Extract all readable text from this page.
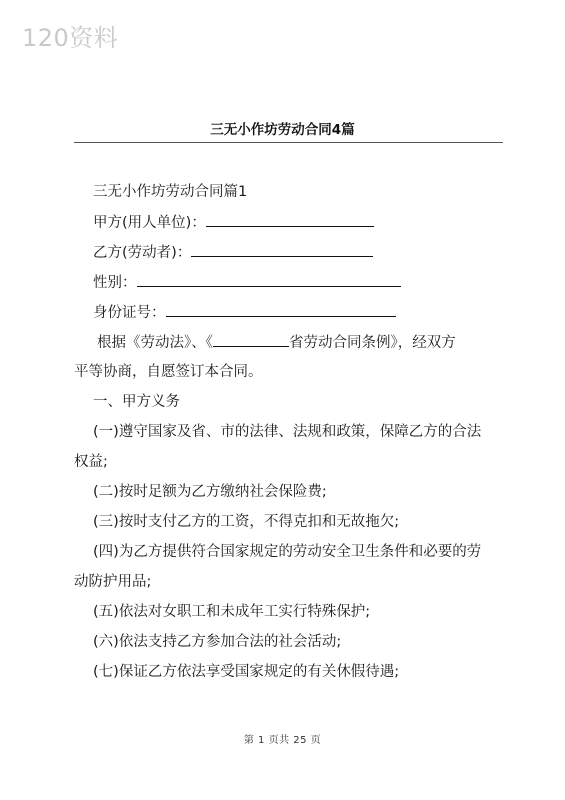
120资料
三无小作坊劳动合同4篇
三无小作坊劳动合同篇1
甲方(用人单位)：
乙方(劳动者)：
性别：
身份证号：
根据《劳动法》、《	省劳动合同条例》，经双方
平等协商，自愿签订本合同。
一、甲方义务
(一)遵守国家及省、市的法律、法规和政策，保障乙方的合法
权益;
(二)按时足额为乙方缴纳社会保险费;
(三)按时支付乙方的工资，不得克扣和无故拖欠;
(四)为乙方提供符合国家规定的劳动安全卫生条件和必要的劳
动防护用品;
(五)依法对女职工和未成年工实行特殊保护;
(六)依法支持乙方参加合法的社会活动;
(七)保证乙方依法享受国家规定的有关休假待遇;
第 1 页共 25 页
